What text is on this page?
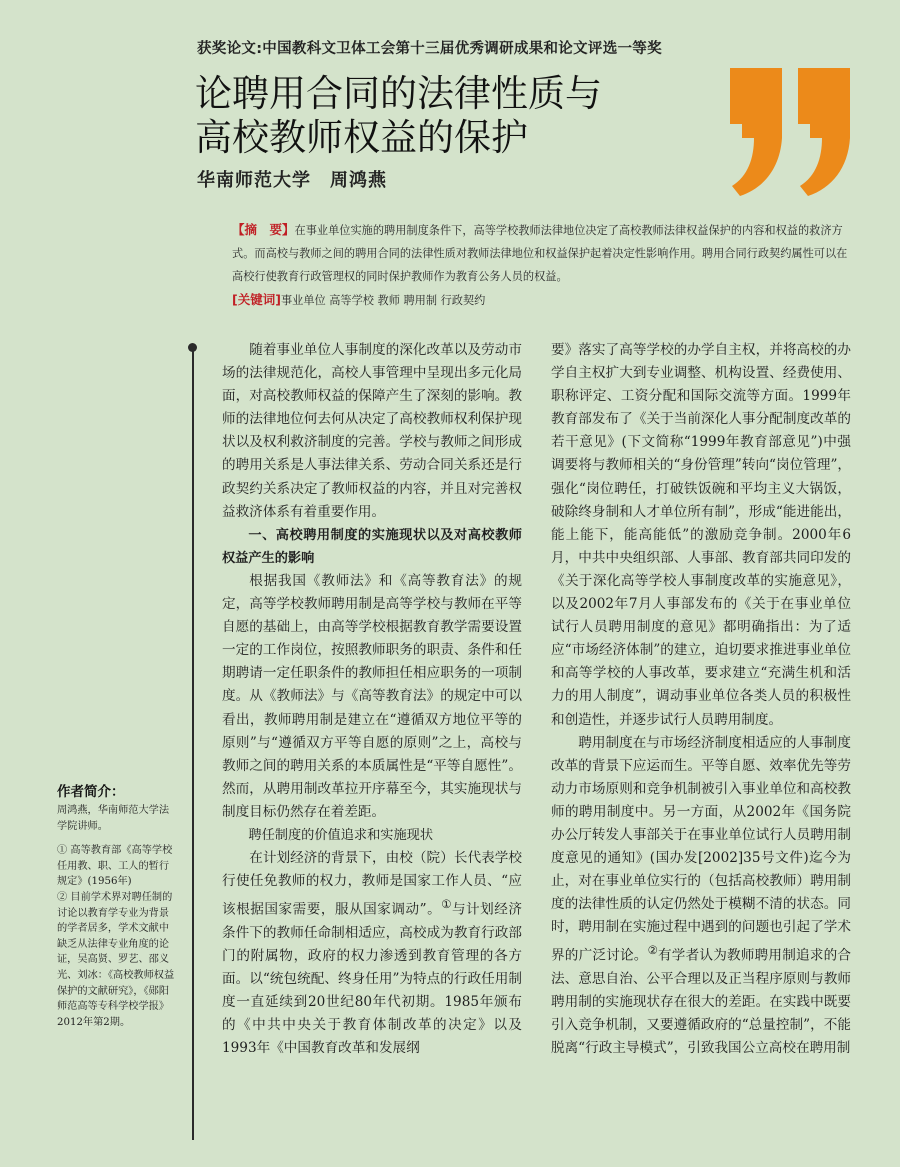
获奖论文:中国教科文卫体工会第十三届优秀调研成果和论文评选一等奖
论聘用合同的法律性质与
高校教师权益的保护
华南师范大学　周鸿燕

【摘　要】在事业单位实施的聘用制度条件下，高等学校教师法律地位决定了高校教师法律权益保护的内容和权益的救济方式。而高校与教师之间的聘用合同的法律性质对教师法律地位和权益保护起着决定性影响作用。聘用合同行政契约属性可以在高校行使教育行政管理权的同时保护教师作为教育公务人员的权益。

[关键词]事业单位 高等学校 教师 聘用制 行政契约

随着事业单位人事制度的深化改革以及劳动市场的法律规范化，高校人事管理中呈现出多元化局面，对高校教师权益的保障产生了深刻的影响。教师的法律地位何去何从决定了高校教师权利保护现状以及权利救济制度的完善。学校与教师之间形成的聘用关系是人事法律关系、劳动合同关系还是行政契约关系决定了教师权益的内容，并且对完善权益救济体系有着重要作用。

一、高校聘用制度的实施现状以及对高校教师权益产生的影响

根据我国《教师法》和《高等教育法》的规定，高等学校教师聘用制是高等学校与教师在平等自愿的基础上，由高等学校根据教育教学需要设置一定的工作岗位，按照教师职务的职责、条件和任期聘请一定任职条件的教师担任相应职务的一项制度。从《教师法》与《高等教育法》的规定中可以看出，教师聘用制是建立在“遵循双方地位平等的原则”与“遵循双方平等自愿的原则”之上，高校与教师之间的聘用关系的本质属性是“平等自愿性”。然而，从聘用制改革拉开序幕至今，其实施现状与制度目标仍然存在着差距。

聘任制度的价值追求和实施现状

在计划经济的背景下，由校（院）长代表学校行使任免教师的权力，教师是国家工作人员、“应该根据国家需要，服从国家调动”。①与计划经济条件下的教师任命制相适应，高校成为教育行政部门的附属物，政府的权力渗透到教育管理的各方面。以“统包统配、终身任用”为特点的行政任用制度一直延续到20世纪80年代初期。1985年颁布的《中共中央关于教育体制改革的决定》以及1993年《中国教育改革和发展纲

要》落实了高等学校的办学自主权，并将高校的办学自主权扩大到专业调整、机构设置、经费使用、职称评定、工资分配和国际交流等方面。1999年教育部发布了《关于当前深化人事分配制度改革的若干意见》(下文简称“1999年教育部意见”)中强调要将与教师相关的“身份管理”转向“岗位管理”，强化“岗位聘任，打破铁饭碗和平均主义大锅饭，破除终身制和人才单位所有制”，形成“能进能出，能上能下，能高能低”的激励竞争制。2000年6月，中共中央组织部、人事部、教育部共同印发的《关于深化高等学校人事制度改革的实施意见》，以及2002年7月人事部发布的《关于在事业单位试行人员聘用制度的意见》都明确指出：为了适应“市场经济体制”的建立，迫切要求推进事业单位和高等学校的人事改革，要求建立“充满生机和活力的用人制度”，调动事业单位各类人员的积极性和创造性，并逐步试行人员聘用制度。

聘用制度在与市场经济制度相适应的人事制度改革的背景下应运而生。平等自愿、效率优先等劳动力市场原则和竞争机制被引入事业单位和高校教师的聘用制度中。另一方面，从2002年《国务院办公厅转发人事部关于在事业单位试行人员聘用制度意见的通知》(国办发[2002]35号文件)迄今为止，对在事业单位实行的（包括高校教师）聘用制度的法律性质的认定仍然处于模糊不清的状态。同时，聘用制在实施过程中遇到的问题也引起了学术界的广泛讨论。②有学者认为教师聘用制追求的合法、意思自治、公平合理以及正当程序原则与教师聘用制的实施现状存在很大的差距。在实践中既要引入竞争机制，又要遵循政府的“总量控制”，不能脱离“行政主导模式”，引致我国公立高校在聘用制

作者简介：

周鸿燕，华南师范大学法学院讲师。

① 高等教育部《高等学校任用教、职、工人的暂行规定》(1956年)

② 目前学术界对聘任制的讨论以教育学专业为背景的学者居多，学术文献中缺乏从法律专业角度的论证，吴高贤、罗艺、邵义光、刘冰：《高校教师权益保护的文献研究》，《郧阳师范高等专科学校学报》2012年第2期。
